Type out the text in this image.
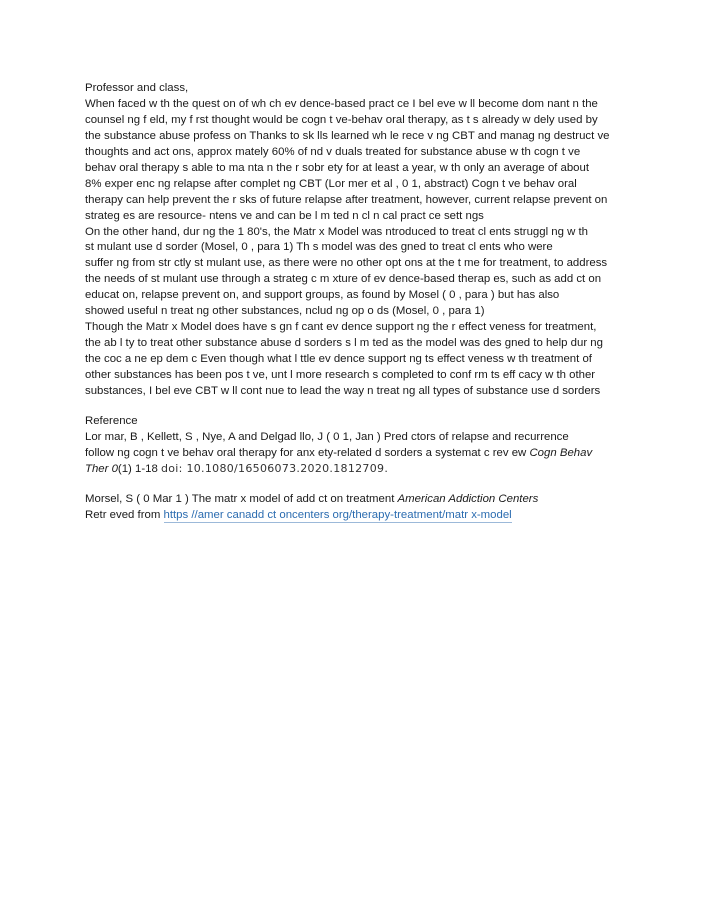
Professor and class,
When faced w th the quest on of wh ch ev dence-based pract ce I bel eve w ll become dom nant n the
counsel ng f eld, my f rst thought would be cogn t ve-behav oral therapy, as t s already w dely used by
the substance abuse profess on Thanks to sk lls learned wh le rece v ng CBT and manag ng destruct ve
thoughts and act ons, approx mately 60% of nd v duals treated for substance abuse w th cogn t ve
behav oral therapy s able to ma nta n the r sobr ety for at least a year, w th only an average of about
8% exper enc ng relapse after complet ng CBT (Lor mer et al , 0 1, abstract) Cogn t ve behav oral
therapy can help prevent the r sks of future relapse after treatment, however, current relapse prevent on
strateg es are resource- ntens ve and can be l m ted n cl n cal pract ce sett ngs
On the other hand, dur ng the 1 80's, the Matr x Model was ntroduced to treat cl ents struggl ng w th
st mulant use d sorder (Mosel, 0 , para 1) Th s model was des gned to treat cl ents who were
suffer ng from str ctly st mulant use, as there were no other opt ons at the t me for treatment, to address
the needs of st mulant use through a strateg c m xture of ev dence-based therap es, such as add ct on
educat on, relapse prevent on, and support groups, as found by Mosel ( 0 , para ) but has also
showed useful n treat ng other substances, nclud ng op o ds (Mosel, 0 , para 1)
Though the Matr x Model does have s gn f cant ev dence support ng the r effect veness for treatment,
the ab l ty to treat other substance abuse d sorders s l m ted as the model was des gned to help dur ng
the coc a ne ep dem c Even though what l ttle ev dence support ng ts effect veness w th treatment of
other substances has been pos t ve, unt l more research s completed to conf rm ts eff cacy w th other
substances, I bel eve CBT w ll cont nue to lead the way n treat ng all types of substance use d sorders
Reference
Lor mar, B , Kellett, S , Nye, A and Delgad llo, J ( 0 1, Jan ) Pred ctors of relapse and recurrence
follow ng cogn t ve behav oral therapy for anx ety-related d sorders a systemat c rev ew Cogn Behav
Ther 0(1) 1-18 doi: 10.1080/16506073.2020.1812709.
Morsel, S ( 0 Mar 1 ) The matr x model of add ct on treatment American Addiction Centers
Retr eved from https //amer canadd ct oncenters org/therapy-treatment/matr x-model
